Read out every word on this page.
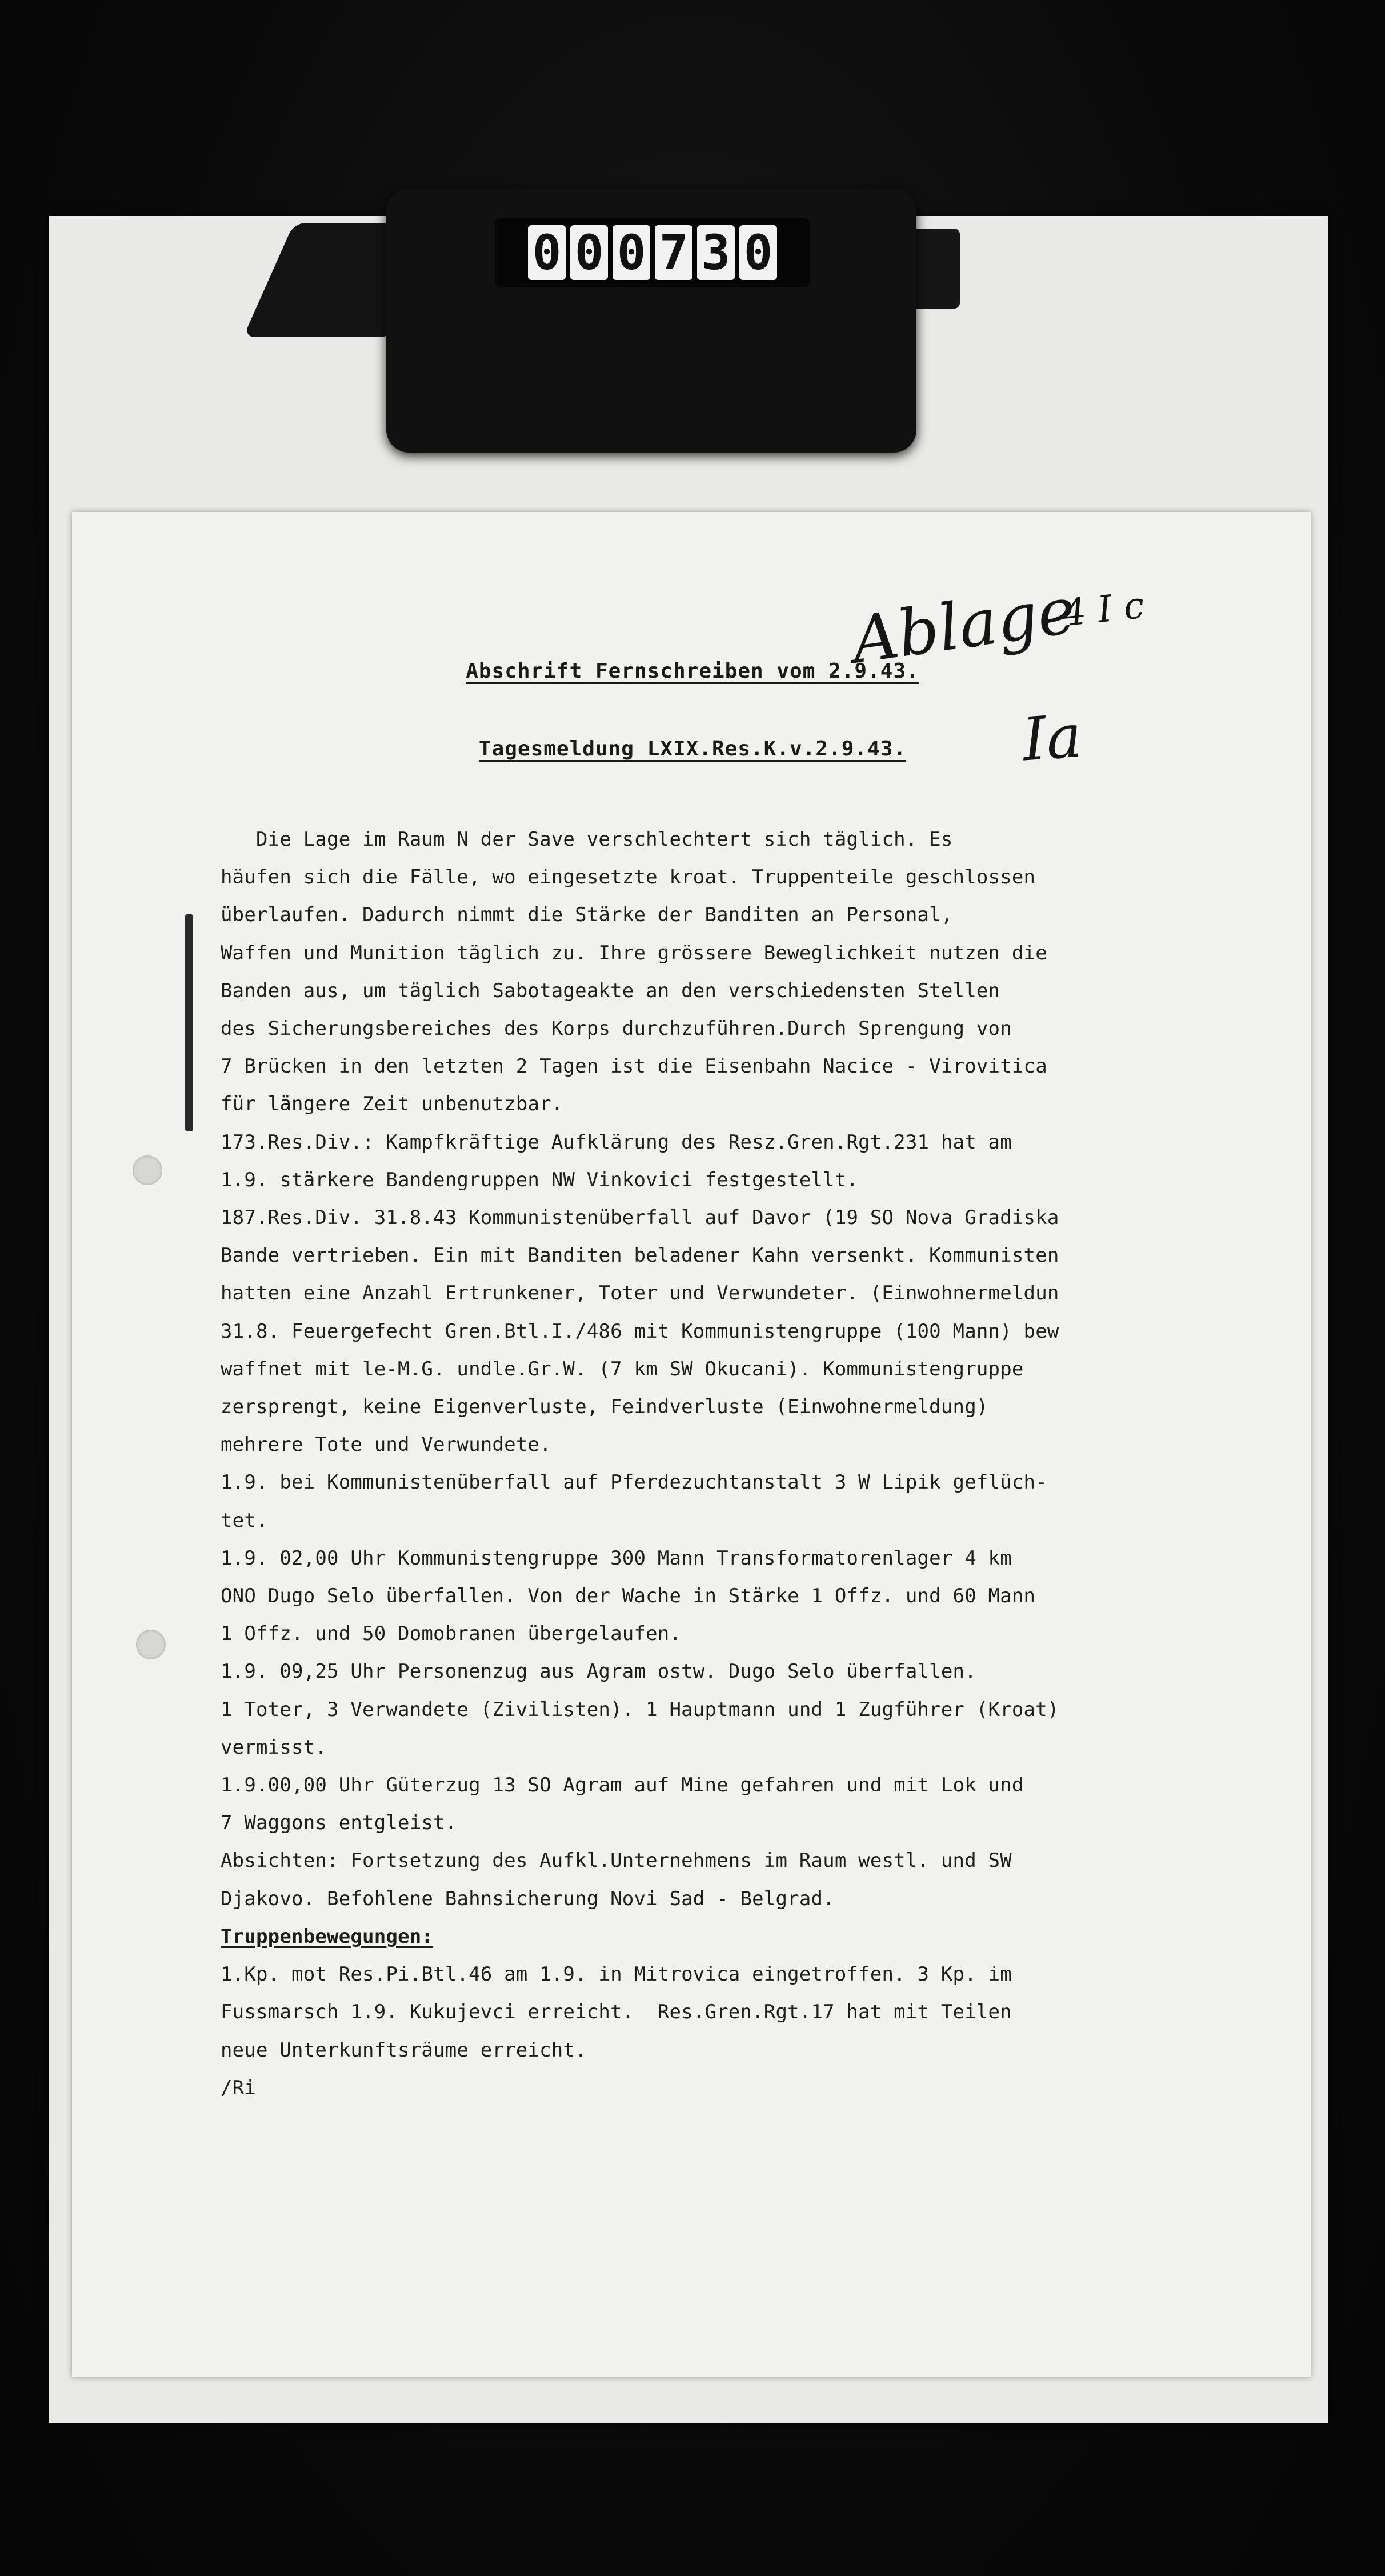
0 0 0 7 3 0
Ablage
4 I c
Ia
Abschrift Fernschreiben vom 2.9.43.
Tagesmeldung LXIX.Res.K.v.2.9.43.
Die Lage im Raum N der Save verschlechtert sich täglich. Es
häufen sich die Fälle, wo eingesetzte kroat. Truppenteile geschlossen
überlaufen. Dadurch nimmt die Stärke der Banditen an Personal,
Waffen und Munition täglich zu. Ihre grössere Beweglichkeit nutzen die
Banden aus, um täglich Sabotageakte an den verschiedensten Stellen
des Sicherungsbereiches des Korps durchzuführen.Durch Sprengung von
7 Brücken in den letzten 2 Tagen ist die Eisenbahn Nacice - Virovitica
für längere Zeit unbenutzbar.
173.Res.Div.: Kampfkräftige Aufklärung des Resz.Gren.Rgt.231 hat am
1.9. stärkere Bandengruppen NW Vinkovici festgestellt.
187.Res.Div. 31.8.43 Kommunistenüberfall auf Davor (19 SO Nova Gradiska
Bande vertrieben. Ein mit Banditen beladener Kahn versenkt. Kommunisten
hatten eine Anzahl Ertrunkener, Toter und Verwundeter. (Einwohnermeldun
31.8. Feuergefecht Gren.Btl.I./486 mit Kommunistengruppe (100 Mann) bew
waffnet mit le-M.G. undle.Gr.W. (7 km SW Okucani). Kommunistengruppe
zersprengt, keine Eigenverluste, Feindverluste (Einwohnermeldung)
mehrere Tote und Verwundete.
1.9. bei Kommunistenüberfall auf Pferdezuchtanstalt 3 W Lipik geflüch-
tet.
1.9. 02,00 Uhr Kommunistengruppe 300 Mann Transformatorenlager 4 km
ONO Dugo Selo überfallen. Von der Wache in Stärke 1 Offz. und 60 Mann
1 Offz. und 50 Domobranen übergelaufen.
1.9. 09,25 Uhr Personenzug aus Agram ostw. Dugo Selo überfallen.
1 Toter, 3 Verwandete (Zivilisten). 1 Hauptmann und 1 Zugführer (Kroat)
vermisst.
1.9.00,00 Uhr Güterzug 13 SO Agram auf Mine gefahren und mit Lok und
7 Waggons entgleist.
Absichten: Fortsetzung des Aufkl.Unternehmens im Raum westl. und SW
Djakovo. Befohlene Bahnsicherung Novi Sad - Belgrad.
Truppenbewegungen:
1.Kp. mot Res.Pi.Btl.46 am 1.9. in Mitrovica eingetroffen. 3 Kp. im
Fussmarsch 1.9. Kukujevci erreicht.  Res.Gren.Rgt.17 hat mit Teilen
neue Unterkunftsräume erreicht.
/Ri
